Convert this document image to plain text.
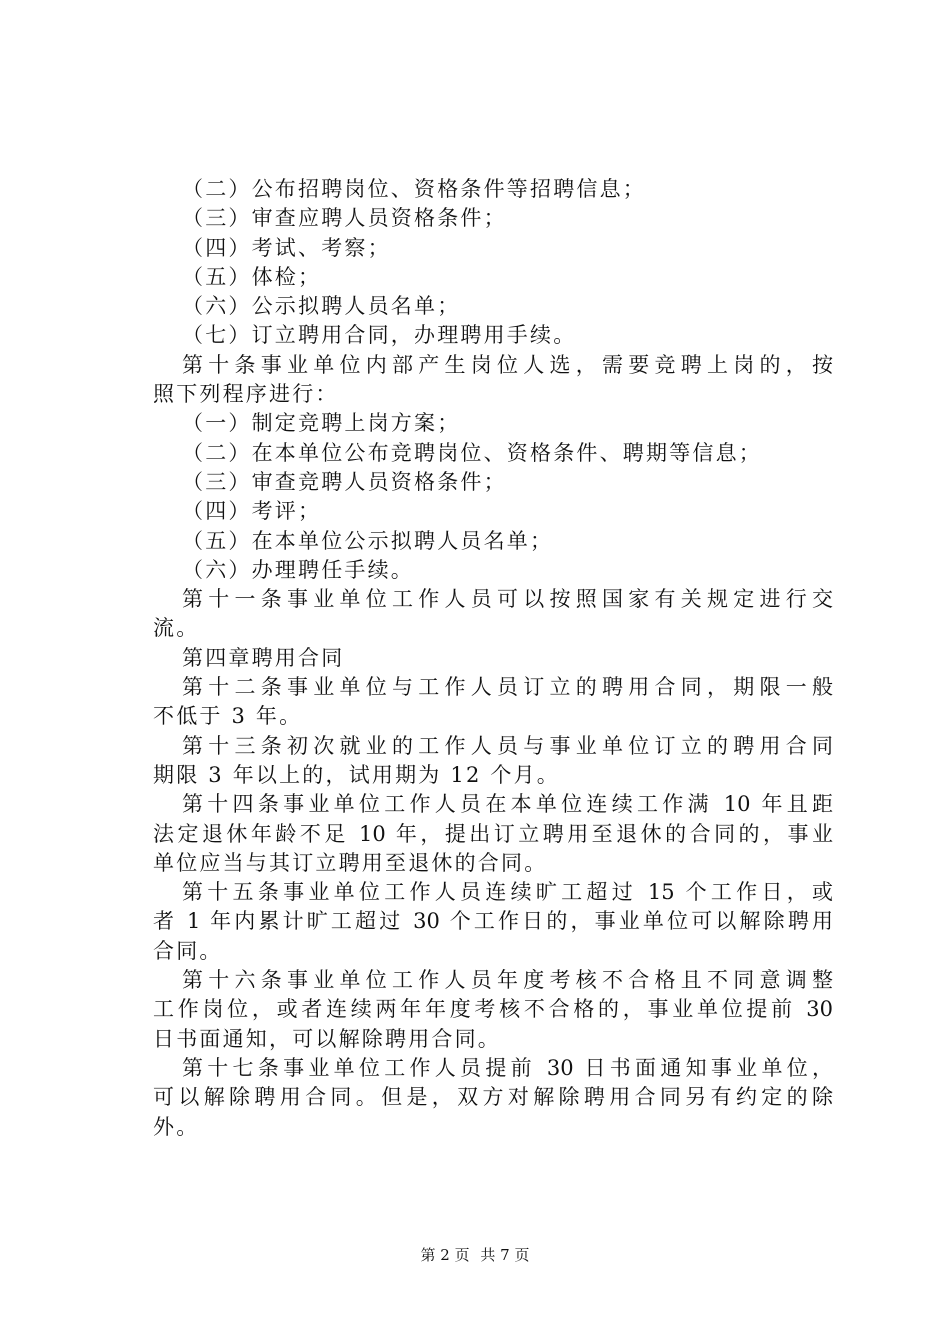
（二）公布招聘岗位、资格条件等招聘信息；
（三）审查应聘人员资格条件；
（四）考试、考察；
（五）体检；
（六）公示拟聘人员名单；
（七）订立聘用合同，办理聘用手续。
第十条事业单位内部产生岗位人选，需要竞聘上岗的，按
照下列程序进行：
（一）制定竞聘上岗方案；
（二）在本单位公布竞聘岗位、资格条件、聘期等信息；
（三）审查竞聘人员资格条件；
（四）考评；
（五）在本单位公示拟聘人员名单；
（六）办理聘任手续。
第十一条事业单位工作人员可以按照国家有关规定进行交
流。
第四章聘用合同
第十二条事业单位与工作人员订立的聘用合同，期限一般
不低于 3 年。
第十三条初次就业的工作人员与事业单位订立的聘用合同
期限 3 年以上的，试用期为 12 个月。
第十四条事业单位工作人员在本单位连续工作满 10 年且距
法定退休年龄不足 10 年，提出订立聘用至退休的合同的，事业
单位应当与其订立聘用至退休的合同。
第十五条事业单位工作人员连续旷工超过 15 个工作日，或
者 1 年内累计旷工超过 30 个工作日的，事业单位可以解除聘用
合同。
第十六条事业单位工作人员年度考核不合格且不同意调整
工作岗位，或者连续两年年度考核不合格的，事业单位提前 30
日书面通知，可以解除聘用合同。
第十七条事业单位工作人员提前 30 日书面通知事业单位，
可以解除聘用合同。但是，双方对解除聘用合同另有约定的除
外。
第 2 页 共 7 页
